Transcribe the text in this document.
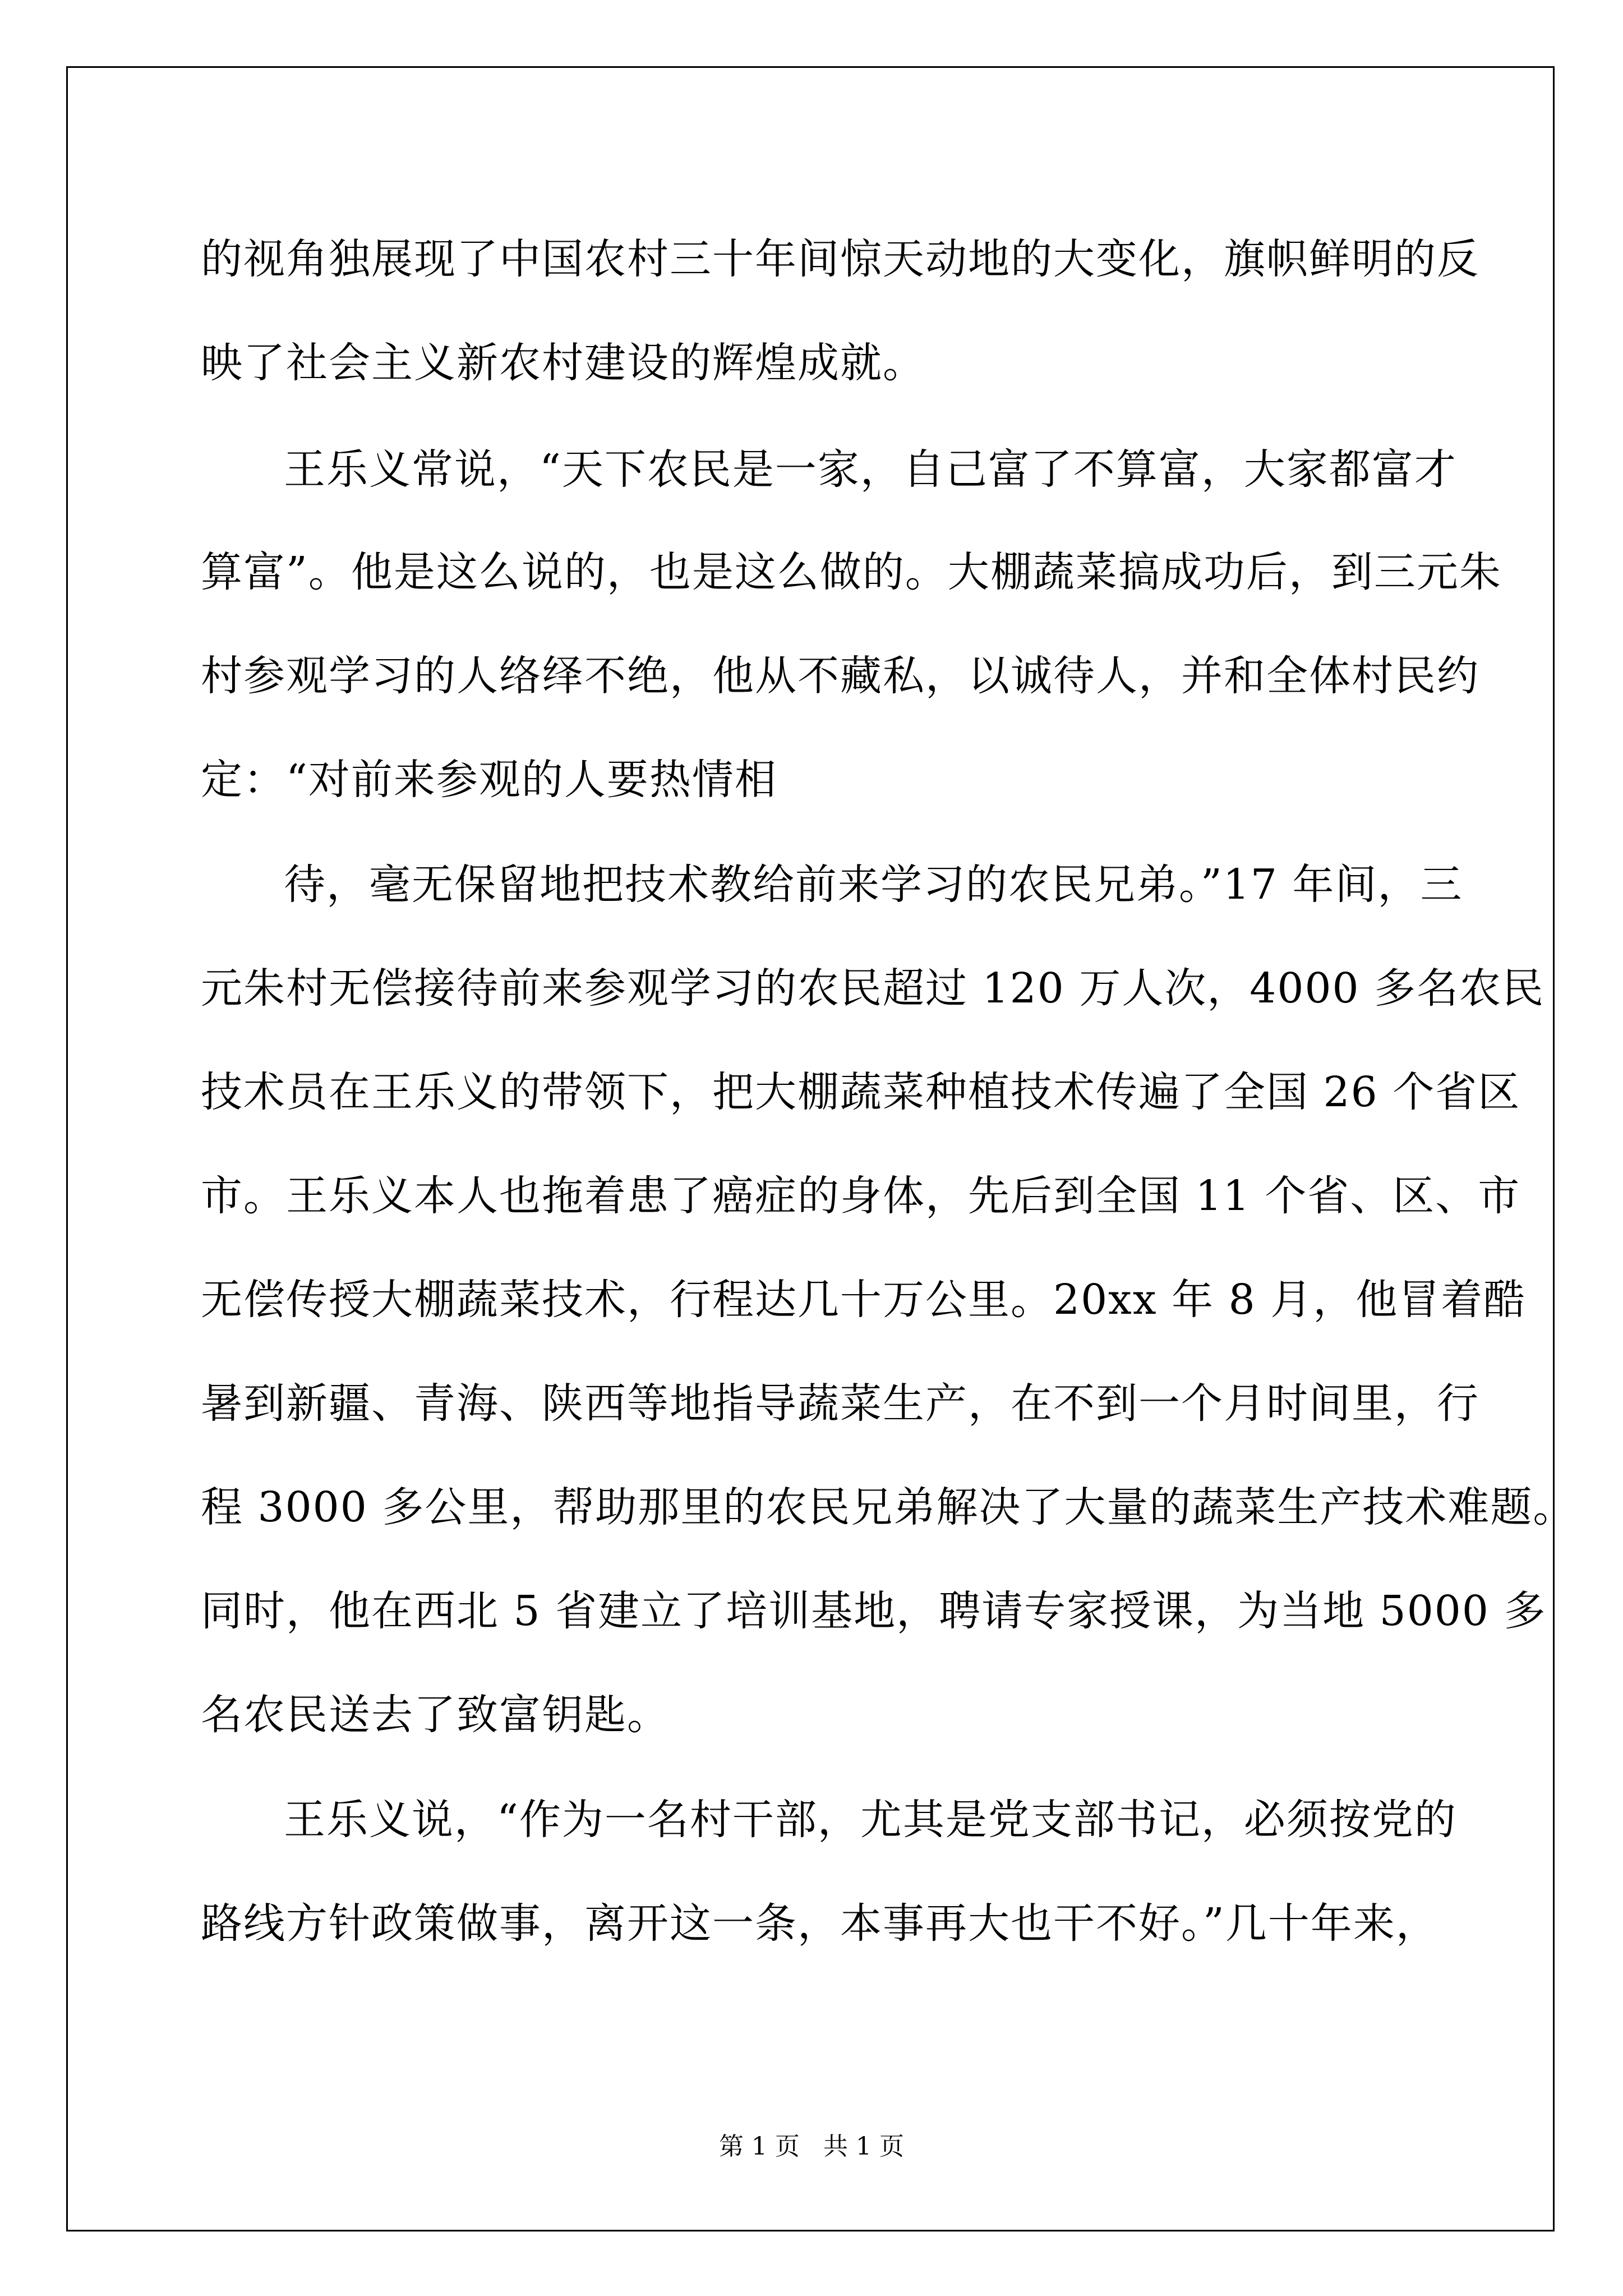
的视角独展现了中国农村三十年间惊天动地的大变化，旗帜鲜明的反
映了社会主义新农村建设的辉煌成就。
王乐义常说，“天下农民是一家，自己富了不算富，大家都富才
算富”。他是这么说的，也是这么做的。大棚蔬菜搞成功后，到三元朱
村参观学习的人络绎不绝，他从不藏私，以诚待人，并和全体村民约
定：“对前来参观的人要热情相
待，毫无保留地把技术教给前来学习的农民兄弟。”17 年间，三
元朱村无偿接待前来参观学习的农民超过 120 万人次，4000 多名农民
技术员在王乐义的带领下，把大棚蔬菜种植技术传遍了全国 26 个省区
市。王乐义本人也拖着患了癌症的身体，先后到全国 11 个省、区、市
无偿传授大棚蔬菜技术，行程达几十万公里。20xx 年 8 月，他冒着酷
暑到新疆、青海、陕西等地指导蔬菜生产，在不到一个月时间里，行
程 3000 多公里，帮助那里的农民兄弟解决了大量的蔬菜生产技术难题。
同时，他在西北 5 省建立了培训基地，聘请专家授课，为当地 5000 多
名农民送去了致富钥匙。
王乐义说，“作为一名村干部，尤其是党支部书记，必须按党的
路线方针政策做事，离开这一条，本事再大也干不好。”几十年来，
第 1 页   共 1 页
